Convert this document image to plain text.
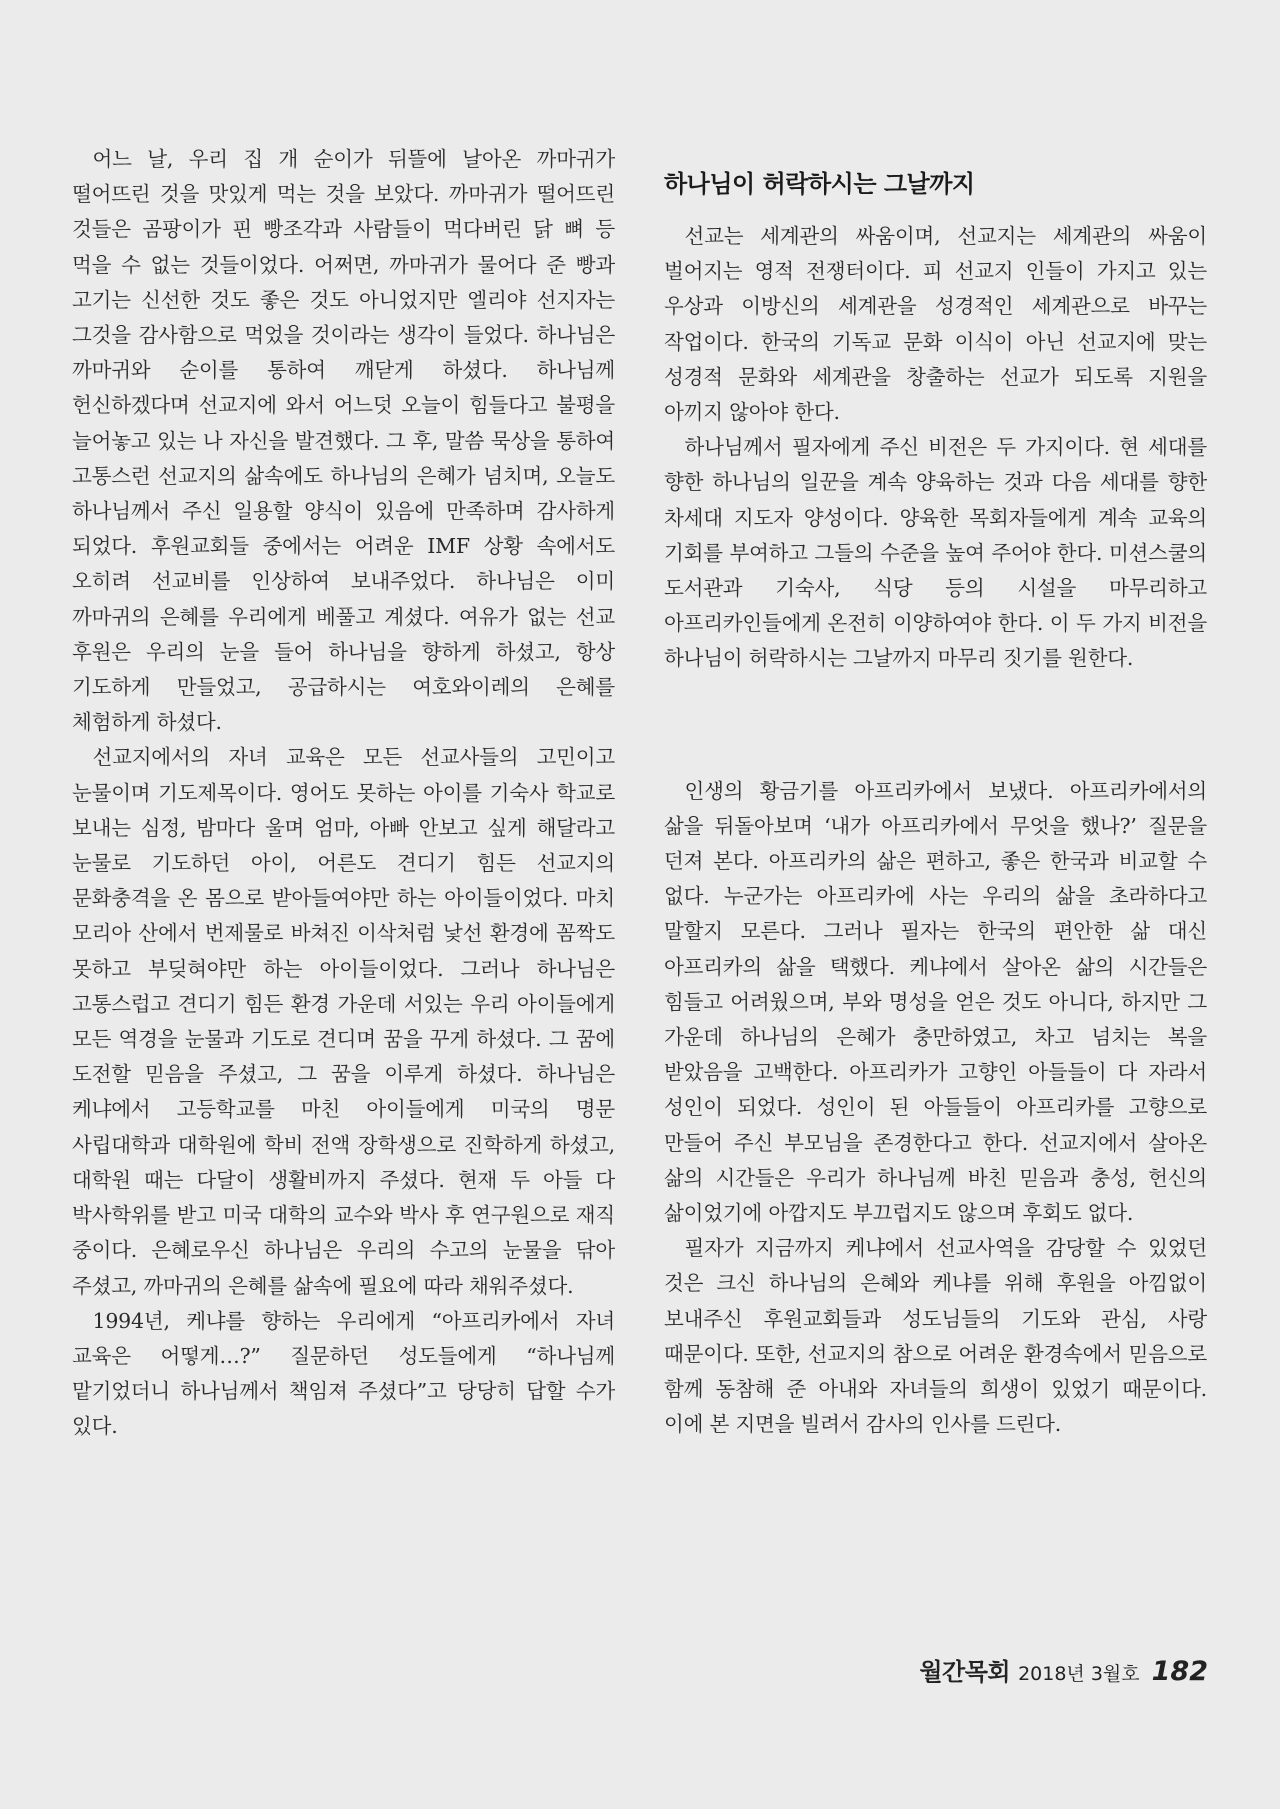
어느 날, 우리 집 개 순이가 뒤뜰에 날아온 까마귀가 떨어뜨린 것을 맛있게 먹는 것을 보았다. 까마귀가 떨어뜨린 것들은 곰팡이가 핀 빵조각과 사람들이 먹다버린 닭 뼈 등 먹을 수 없는 것들이었다. 어쩌면, 까마귀가 물어다 준 빵과 고기는 신선한 것도 좋은 것도 아니었지만 엘리야 선지자는 그것을 감사함으로 먹었을 것이라는 생각이 들었다. 하나님은 까마귀와 순이를 통하여 깨닫게 하셨다. 하나님께 헌신하겠다며 선교지에 와서 어느덧 오늘이 힘들다고 불평을 늘어놓고 있는 나 자신을 발견했다. 그 후, 말씀 묵상을 통하여 고통스런 선교지의 삶속에도 하나님의 은혜가 넘치며, 오늘도 하나님께서 주신 일용할 양식이 있음에 만족하며 감사하게 되었다. 후원교회들 중에서는 어려운 IMF 상황 속에서도 오히려 선교비를 인상하여 보내주었다. 하나님은 이미 까마귀의 은혜를 우리에게 베풀고 계셨다. 여유가 없는 선교 후원은 우리의 눈을 들어 하나님을 향하게 하셨고, 항상 기도하게 만들었고, 공급하시는 여호와이레의 은혜를 체험하게 하셨다.

선교지에서의 자녀 교육은 모든 선교사들의 고민이고 눈물이며 기도제목이다. 영어도 못하는 아이를 기숙사 학교로 보내는 심정, 밤마다 울며 엄마, 아빠 안보고 싶게 해달라고 눈물로 기도하던 아이, 어른도 견디기 힘든 선교지의 문화충격을 온 몸으로 받아들여야만 하는 아이들이었다. 마치 모리아 산에서 번제물로 바쳐진 이삭처럼 낯선 환경에 꼼짝도 못하고 부딪혀야만 하는 아이들이었다. 그러나 하나님은 고통스럽고 견디기 힘든 환경 가운데 서있는 우리 아이들에게 모든 역경을 눈물과 기도로 견디며 꿈을 꾸게 하셨다. 그 꿈에 도전할 믿음을 주셨고, 그 꿈을 이루게 하셨다. 하나님은 케냐에서 고등학교를 마친 아이들에게 미국의 명문 사립대학과 대학원에 학비 전액 장학생으로 진학하게 하셨고, 대학원 때는 다달이 생활비까지 주셨다. 현재 두 아들 다 박사학위를 받고 미국 대학의 교수와 박사 후 연구원으로 재직 중이다. 은혜로우신 하나님은 우리의 수고의 눈물을 닦아 주셨고, 까마귀의 은혜를 삶속에 필요에 따라 채워주셨다.

1994년, 케냐를 향하는 우리에게 “아프리카에서 자녀 교육은 어떻게…?” 질문하던 성도들에게 “하나님께 맡기었더니 하나님께서 책임져 주셨다”고 당당히 답할 수가 있다.

하나님이 허락하시는 그날까지

선교는 세계관의 싸움이며, 선교지는 세계관의 싸움이 벌어지는 영적 전쟁터이다. 피 선교지 인들이 가지고 있는 우상과 이방신의 세계관을 성경적인 세계관으로 바꾸는 작업이다. 한국의 기독교 문화 이식이 아닌 선교지에 맞는 성경적 문화와 세계관을 창출하는 선교가 되도록 지원을 아끼지 않아야 한다.

하나님께서 필자에게 주신 비전은 두 가지이다. 현 세대를 향한 하나님의 일꾼을 계속 양육하는 것과 다음 세대를 향한 차세대 지도자 양성이다. 양육한 목회자들에게 계속 교육의 기회를 부여하고 그들의 수준을 높여 주어야 한다. 미션스쿨의 도서관과 기숙사, 식당 등의 시설을 마무리하고 아프리카인들에게 온전히 이양하여야 한다. 이 두 가지 비전을 하나님이 허락하시는 그날까지 마무리 짓기를 원한다.

인생의 황금기를 아프리카에서 보냈다. 아프리카에서의 삶을 뒤돌아보며 ‘내가 아프리카에서 무엇을 했나?’ 질문을 던져 본다. 아프리카의 삶은 편하고, 좋은 한국과 비교할 수 없다. 누군가는 아프리카에 사는 우리의 삶을 초라하다고 말할지 모른다. 그러나 필자는 한국의 편안한 삶 대신 아프리카의 삶을 택했다. 케냐에서 살아온 삶의 시간들은 힘들고 어려웠으며, 부와 명성을 얻은 것도 아니다, 하지만 그 가운데 하나님의 은혜가 충만하였고, 차고 넘치는 복을 받았음을 고백한다. 아프리카가 고향인 아들들이 다 자라서 성인이 되었다. 성인이 된 아들들이 아프리카를 고향으로 만들어 주신 부모님을 존경한다고 한다. 선교지에서 살아온 삶의 시간들은 우리가 하나님께 바친 믿음과 충성, 헌신의 삶이었기에 아깝지도 부끄럽지도 않으며 후회도 없다.

필자가 지금까지 케냐에서 선교사역을 감당할 수 있었던 것은 크신 하나님의 은혜와 케냐를 위해 후원을 아낌없이 보내주신 후원교회들과 성도님들의 기도와 관심, 사랑 때문이다. 또한, 선교지의 참으로 어려운 환경속에서 믿음으로 함께 동참해 준 아내와 자녀들의 희생이 있었기 때문이다. 이에 본 지면을 빌려서 감사의 인사를 드린다.

월간목회 2018년 3월호 182
